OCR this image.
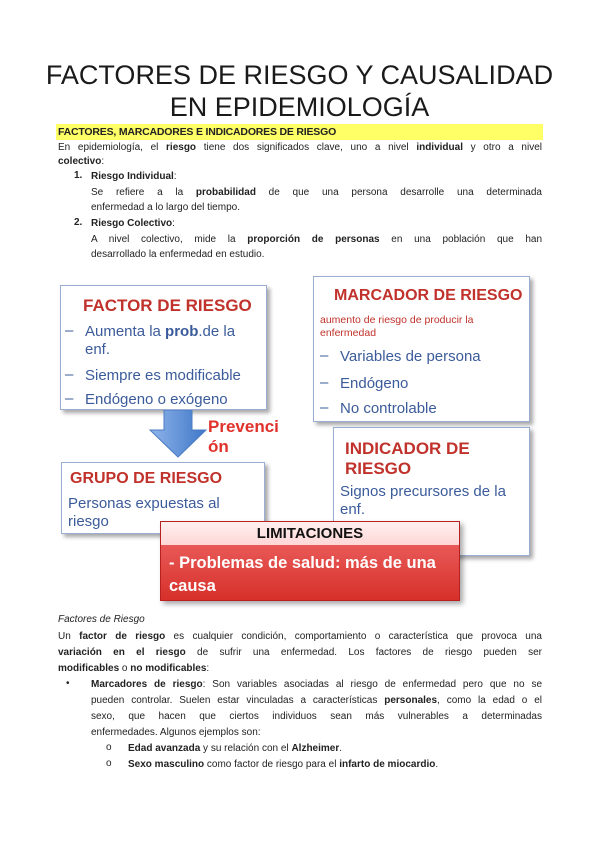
FACTORES DE RIESGO Y CAUSALIDAD
EN EPIDEMIOLOGÍA
FACTORES, MARCADORES E INDICADORES DE RIESGO
En epidemiología, el riesgo tiene dos significados clave, uno a nivel individual y otro a nivel
colectivo:
1. Riesgo Individual:
Se refiere a la probabilidad de que una persona desarrolle una determinada
enfermedad a lo largo del tiempo.
2. Riesgo Colectivo:
A nivel colectivo, mide la proporción de personas en una población que han
desarrollado la enfermedad en estudio.
FACTOR DE RIESGO
– Aumenta la prob.de la
enf.
– Siempre es modificable
– Endógeno o exógeno
MARCADOR DE RIESGO
aumento de riesgo de producir la
enfermedad
– Variables de persona
– Endógeno
– No controlable
Prevenci
ón	INDICADOR DE
RIESGO
Signos precursores de la
enf.
GRUPO DE RIESGO
Personas expuestas al
riesgo
LIMITACIONES
- Problemas de salud: más de una
causa
Factores de Riesgo
Un factor de riesgo es cualquier condición, comportamiento o característica que provoca una
variación en el riesgo de sufrir una enfermedad. Los factores de riesgo pueden ser
modificables o no modificables:
• Marcadores de riesgo: Son variables asociadas al riesgo de enfermedad pero que no se
pueden controlar. Suelen estar vinculadas a características personales, como la edad o el
sexo, que hacen que ciertos individuos sean más vulnerables a determinadas
enfermedades. Algunos ejemplos son:
o Edad avanzada y su relación con el Alzheimer.
o Sexo masculino como factor de riesgo para el infarto de miocardio.
